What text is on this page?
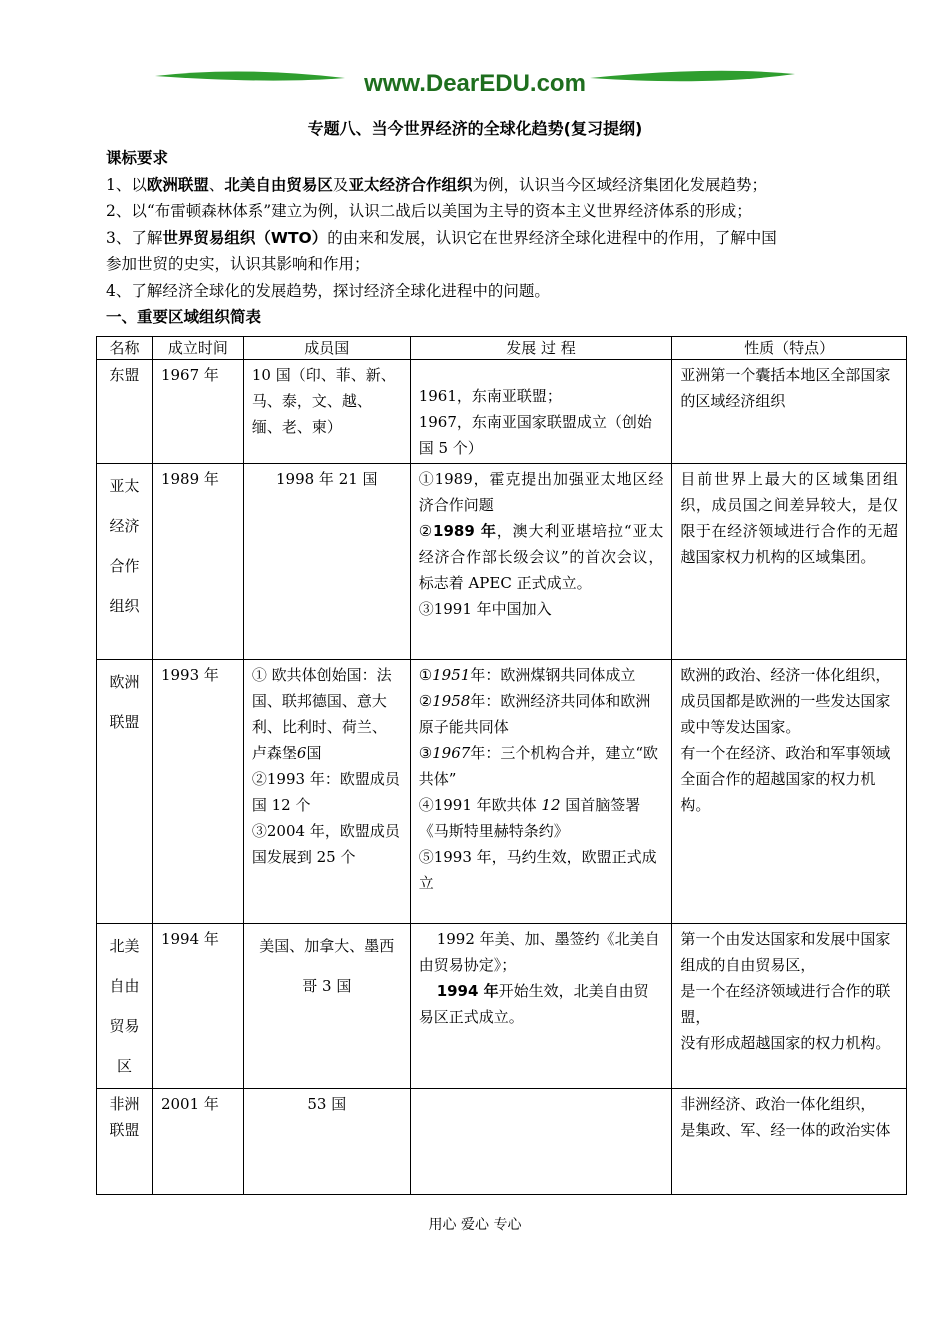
www.DearEDU.com
专题八、当今世界经济的全球化趋势(复习提纲)

课标要求

1、以欧洲联盟、北美自由贸易区及亚太经济合作组织为例，认识当今区域经济集团化发展趋势；

2、以“布雷顿森林体系”建立为例，认识二战后以美国为主导的资本主义世界经济体系的形成；

3、了解世界贸易组织（WTO）的由来和发展，认识它在世界经济全球化进程中的作用，了解中国
参加世贸的史实，认识其影响和作用；

4、了解经济全球化的发展趋势，探讨经济全球化进程中的问题。

一、重要区域组织简表

名称	成立时间	成员国	发展 过 程	性质（特点）
东盟	1967 年	10 国（印、菲、新、马、泰，文、越、缅、老、柬）	1961，东南亚联盟；
1967，东南亚国家联盟成立（创始国 5 个）	亚洲第一个囊括本地区全部国家的区域经济组织

亚太
经济
合作
组织	1989 年	1998 年 21 国	①1989，霍克提出加强亚太地区经济合作问题
②1989 年，澳大利亚堪培拉“亚太经济合作部长级会议”的首次会议，标志着 APEC 正式成立。
③1991 年中国加入	目前世界上最大的区域集团组织，成员国之间差异较大，是仅限于在经济领域进行合作的无超越国家权力机构的区域集团。

欧洲
联盟	1993 年	① 欧共体创始国：法国、联邦德国、意大利、比利时、荷兰、卢森堡6国
②1993 年：欧盟成员国 12 个
③2004 年，欧盟成员国发展到 25 个	①1951年：欧洲煤钢共同体成立
②1958年：欧洲经济共同体和欧洲原子能共同体
③1967年：三个机构合并，建立“欧共体”
④1991 年欧共体 12 国首脑签署《马斯特里赫特条约》
⑤1993 年，马约生效，欧盟正式成立	欧洲的政治、经济一体化组织，
成员国都是欧洲的一些发达国家或中等发达国家。
有一个在经济、政治和军事领域全面合作的超越国家的权力机构。

北美
自由
贸易
区	1994 年	美国、加拿大、墨西哥 3 国	1992 年美、加、墨签约《北美自由贸易协定》；
1994 年开始生效，北美自由贸易区正式成立。	第一个由发达国家和发展中国家组成的自由贸易区，
是一个在经济领域进行合作的联盟，
没有形成超越国家的权力机构。

非洲
联盟	2001 年	53 国		非洲经济、政治一体化组织，
是集政、军、经一体的政治实体
用心 爱心 专心
